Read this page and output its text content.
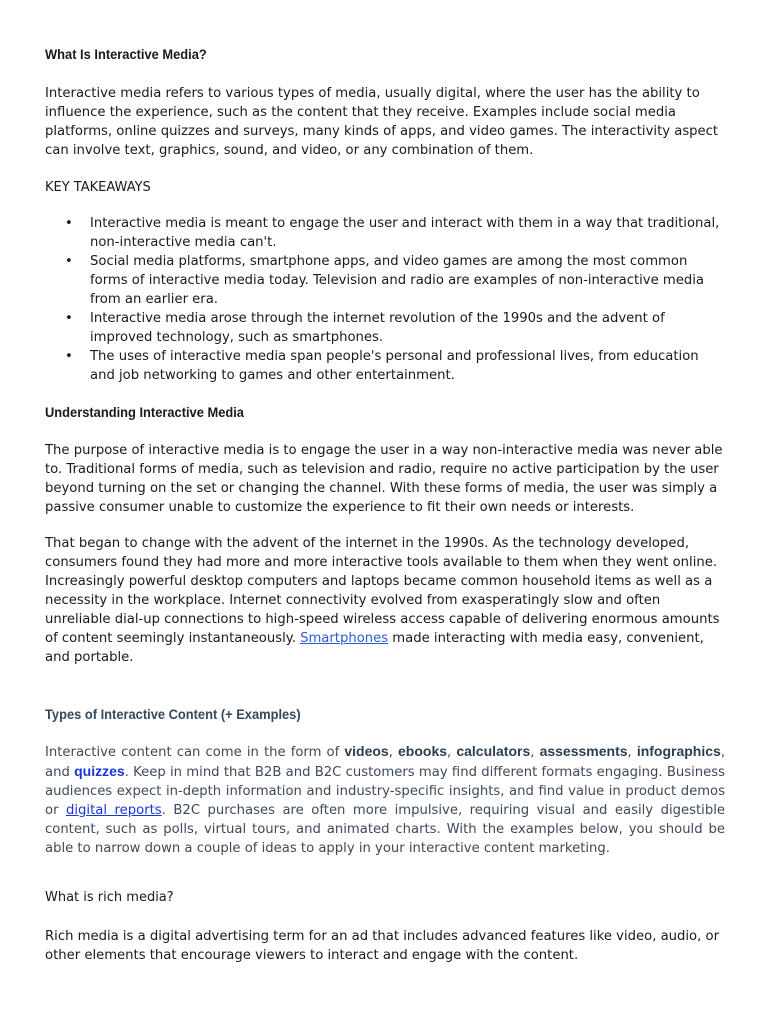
What Is Interactive Media?

Interactive media refers to various types of media, usually digital, where the user has the ability to influence the experience, such as the content that they receive. Examples include social media platforms, online quizzes and surveys, many kinds of apps, and video games. The interactivity aspect can involve text, graphics, sound, and video, or any combination of them.

KEY TAKEAWAYS
• Interactive media is meant to engage the user and interact with them in a way that traditional, non-interactive media can't.
• Social media platforms, smartphone apps, and video games are among the most common forms of interactive media today. Television and radio are examples of non-interactive media from an earlier era.
• Interactive media arose through the internet revolution of the 1990s and the advent of improved technology, such as smartphones.
• The uses of interactive media span people's personal and professional lives, from education and job networking to games and other entertainment.
Understanding Interactive Media

The purpose of interactive media is to engage the user in a way non-interactive media was never able to. Traditional forms of media, such as television and radio, require no active participation by the user beyond turning on the set or changing the channel. With these forms of media, the user was simply a passive consumer unable to customize the experience to fit their own needs or interests.

That began to change with the advent of the internet in the 1990s. As the technology developed, consumers found they had more and more interactive tools available to them when they went online. Increasingly powerful desktop computers and laptops became common household items as well as a necessity in the workplace. Internet connectivity evolved from exasperatingly slow and often unreliable dial-up connections to high-speed wireless access capable of delivering enormous amounts of content seemingly instantaneously. Smartphones made interacting with media easy, convenient, and portable.

Types of Interactive Content (+ Examples)

Interactive content can come in the form of videos, ebooks, calculators, assessments, infographics, and quizzes. Keep in mind that B2B and B2C customers may find different formats engaging. Business audiences expect in-depth information and industry-specific insights, and find value in product demos or digital reports. B2C purchases are often more impulsive, requiring visual and easily digestible content, such as polls, virtual tours, and animated charts. With the examples below, you should be able to narrow down a couple of ideas to apply in your interactive content marketing.

What is rich media?

Rich media is a digital advertising term for an ad that includes advanced features like video, audio, or other elements that encourage viewers to interact and engage with the content.
